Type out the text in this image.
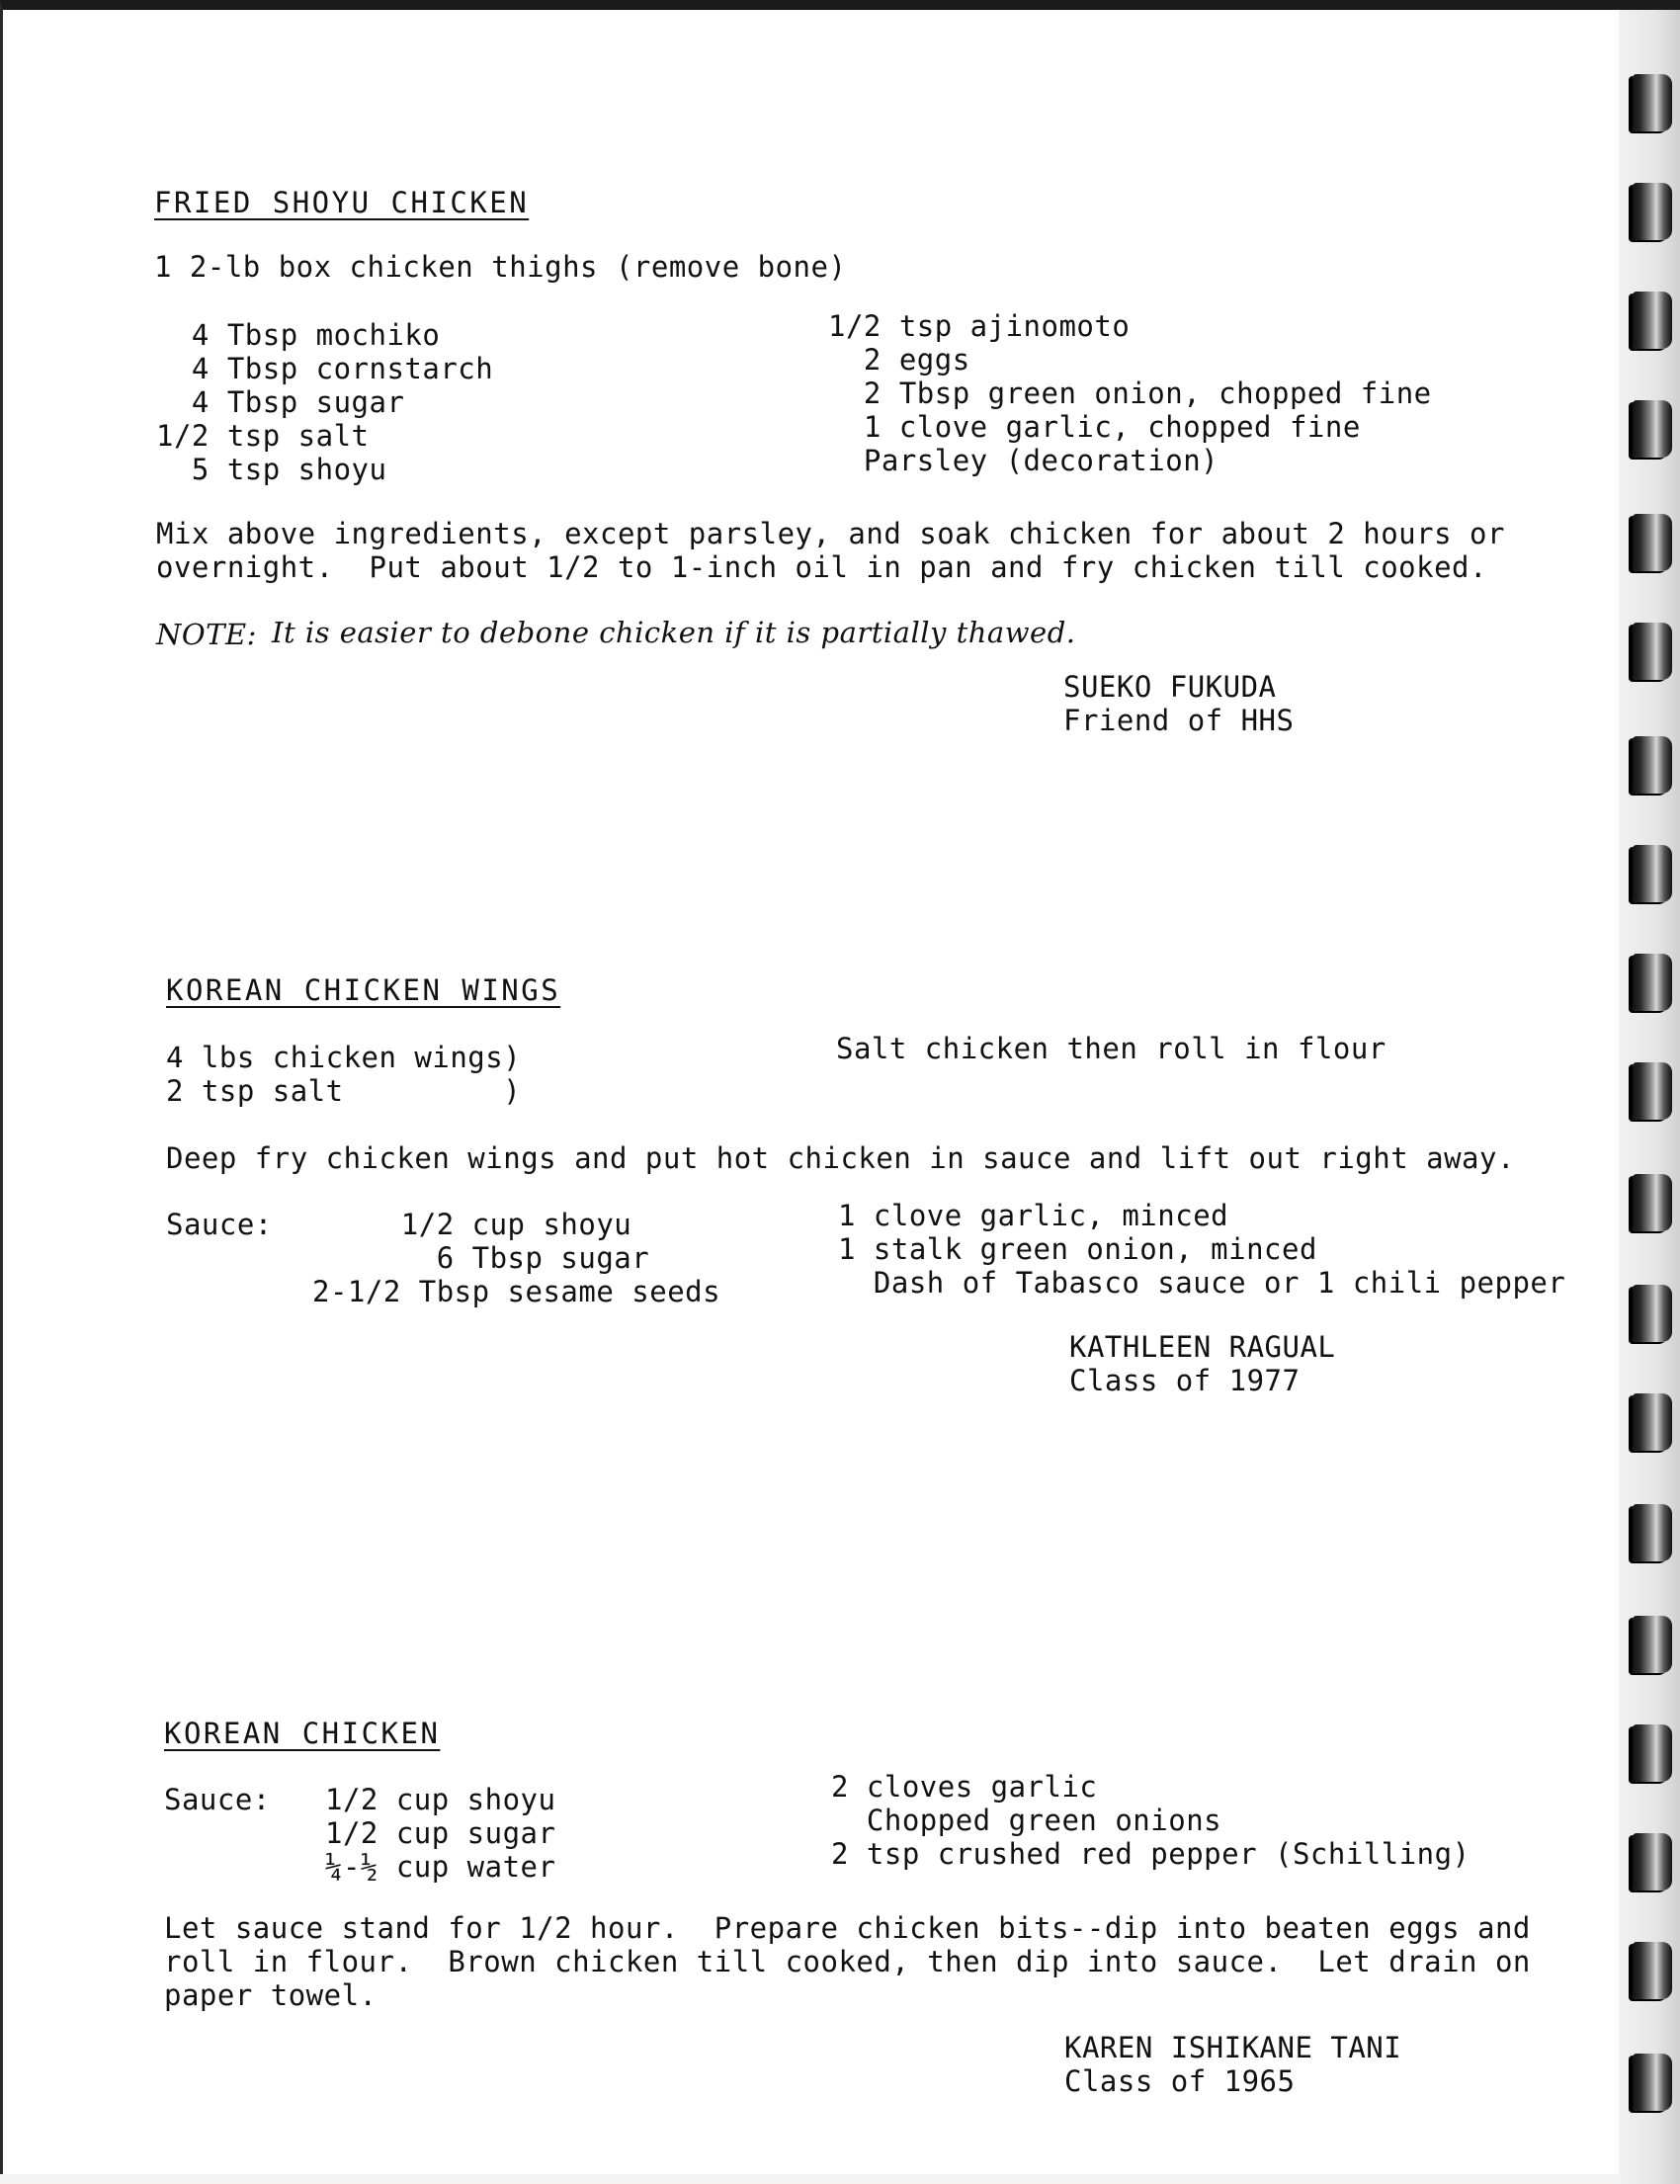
FRIED SHOYU CHICKEN
1 2-lb box chicken thighs (remove bone)
4 Tbsp mochiko
4 Tbsp cornstarch
4 Tbsp sugar
1/2 tsp salt
5 tsp shoyu
1/2 tsp ajinomoto
2 eggs
2 Tbsp green onion, chopped fine
1 clove garlic, chopped fine
Parsley (decoration)
Mix above ingredients, except parsley, and soak chicken for about 2 hours or
overnight.  Put about 1/2 to 1-inch oil in pan and fry chicken till cooked.
NOTE: It is easier to debone chicken if it is partially thawed.
SUEKO FUKUDA
Friend of HHS
KOREAN CHICKEN WINGS
4 lbs chicken wings)
2 tsp salt         )
Salt chicken then roll in flour
Deep fry chicken wings and put hot chicken in sauce and lift out right away.
Sauce: 1/2 cup shoyu
6 Tbsp sugar
2-1/2 Tbsp sesame seeds
1 clove garlic, minced
1 stalk green onion, minced
Dash of Tabasco sauce or 1 chili pepper
KATHLEEN RAGUAL
Class of 1977
KOREAN CHICKEN
Sauce: 1/2 cup shoyu
1/2 cup sugar
¼-½ cup water
2 cloves garlic
Chopped green onions
2 tsp crushed red pepper (Schilling)
Let sauce stand for 1/2 hour.  Prepare chicken bits--dip into beaten eggs and
roll in flour.  Brown chicken till cooked, then dip into sauce.  Let drain on
paper towel.
KAREN ISHIKANE TANI
Class of 1965
